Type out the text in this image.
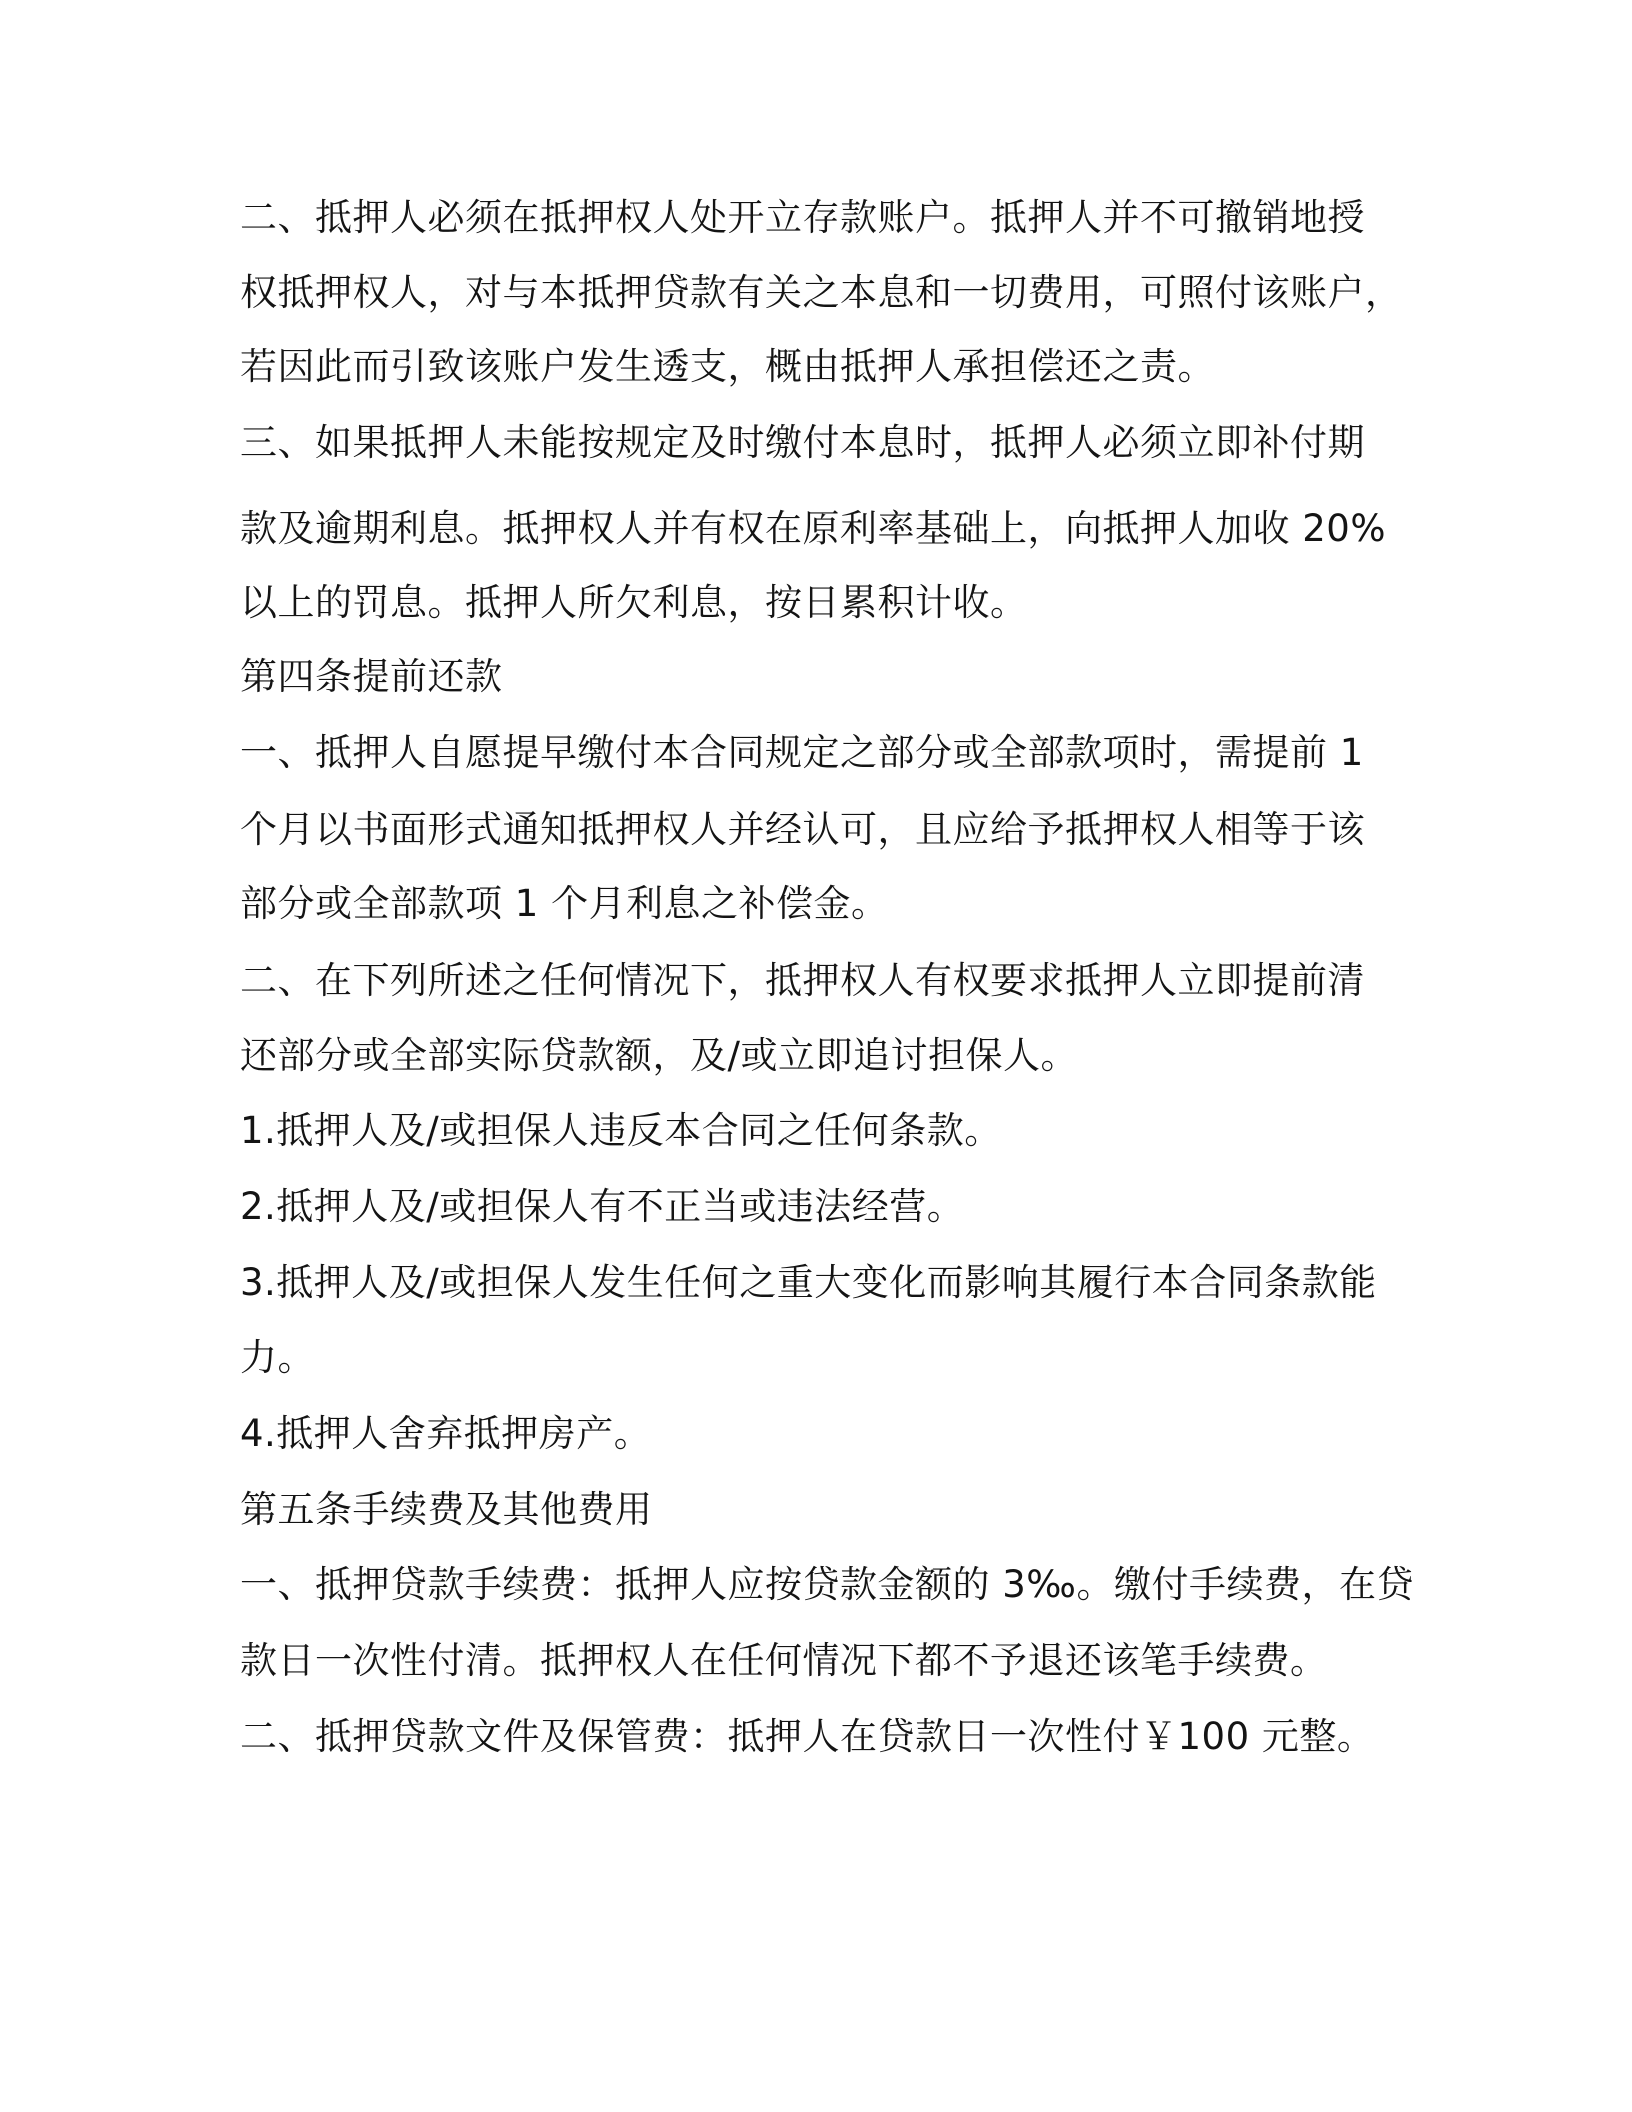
二、抵押人必须在抵押权人处开立存款账户。抵押人并不可撤销地授
权抵押权人，对与本抵押贷款有关之本息和一切费用，可照付该账户，
若因此而引致该账户发生透支，概由抵押人承担偿还之责。
三、如果抵押人未能按规定及时缴付本息时，抵押人必须立即补付期
款及逾期利息。抵押权人并有权在原利率基础上，向抵押人加收 20%
以上的罚息。抵押人所欠利息，按日累积计收。
第四条提前还款
一、抵押人自愿提早缴付本合同规定之部分或全部款项时，需提前 1
个月以书面形式通知抵押权人并经认可，且应给予抵押权人相等于该
部分或全部款项 1 个月利息之补偿金。
二、在下列所述之任何情况下，抵押权人有权要求抵押人立即提前清
还部分或全部实际贷款额，及/或立即追讨担保人。
1.抵押人及/或担保人违反本合同之任何条款。
2.抵押人及/或担保人有不正当或违法经营。
3.抵押人及/或担保人发生任何之重大变化而影响其履行本合同条款能
力。
4.抵押人舍弃抵押房产。
第五条手续费及其他费用
一、抵押贷款手续费：抵押人应按贷款金额的 3‰。缴付手续费，在贷
款日一次性付清。抵押权人在任何情况下都不予退还该笔手续费。
二、抵押贷款文件及保管费：抵押人在贷款日一次性付￥100 元整。
